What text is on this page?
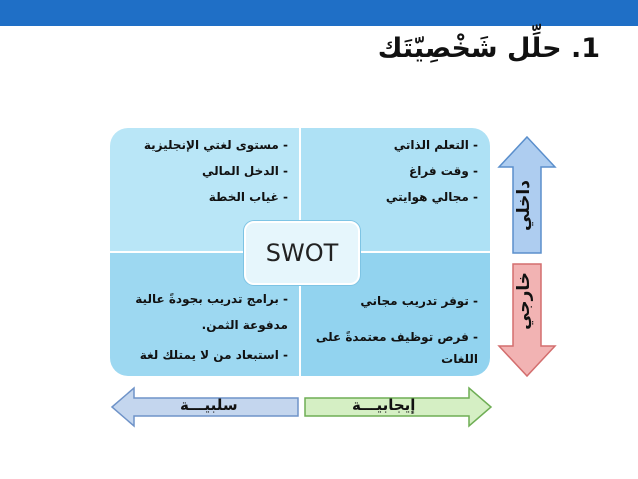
1. حلِّل شَخْصِيّتَك
- مستوى لغتي الإنجليزية
- الدخل المالي
- غياب الخطة
- التعلم الذاتي
- وقت فراغ
- مجالي هوايتي
- برامج تدريب بجودةً عالية
مدفوعة الثمن.
- استبعاد من لا يمتلك لغة
- توفر تدريب مجاني
- فرص توظيف معتمدةً على
اللغات
SWOT
داخلي
خارجي
سلبيـــة	إيجابيـــة
